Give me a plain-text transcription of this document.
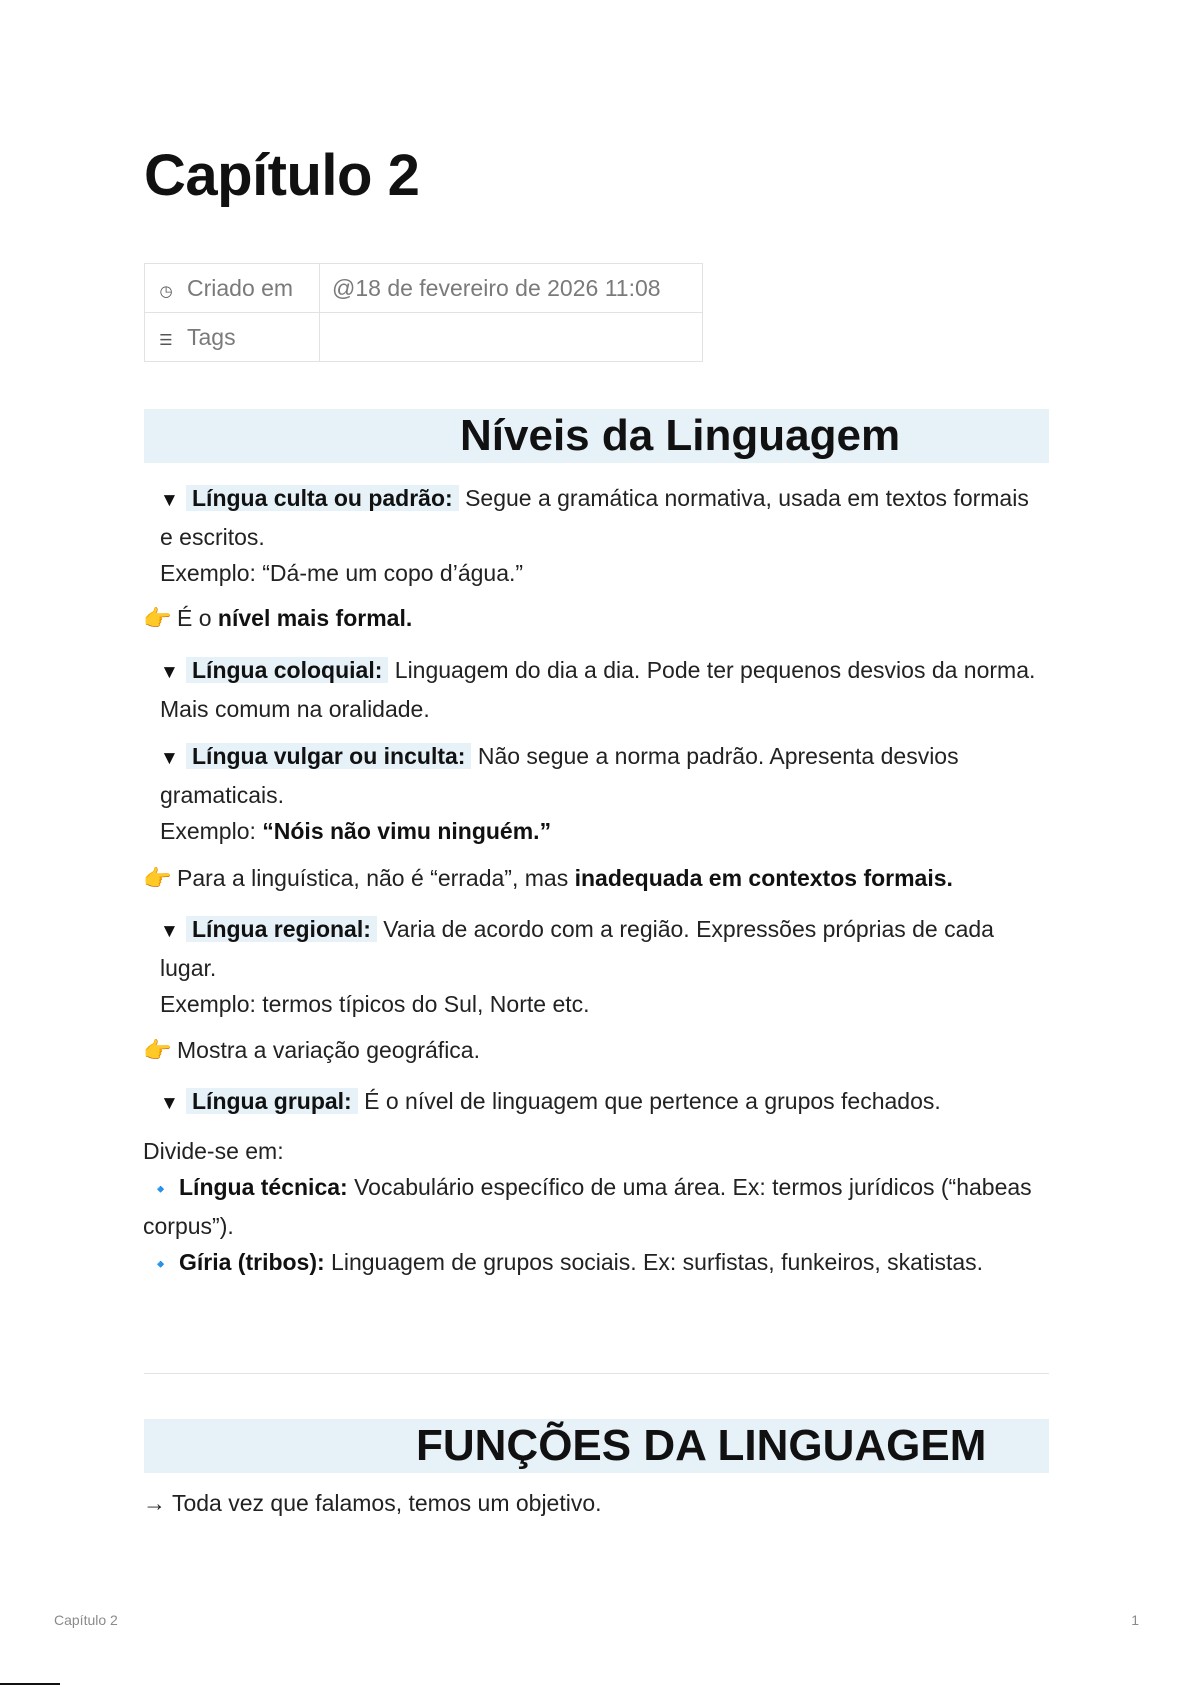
Capítulo 2
◷ Criado em	@18 de fevereiro de 2026 11:08
☰ Tags	
Níveis da Linguagem
▼ Língua culta ou padrão: Segue a gramática normativa, usada em textos formais e escritos.
Exemplo: “Dá-me um copo d’água.”
👉 É o nível mais formal.
▼ Língua coloquial: Linguagem do dia a dia. Pode ter pequenos desvios da norma. Mais comum na oralidade.
▼ Língua vulgar ou inculta: Não segue a norma padrão. Apresenta desvios gramaticais.
Exemplo: “Nóis não vimu ninguém.”
👉 Para a linguística, não é “errada”, mas inadequada em contextos formais.
▼ Língua regional: Varia de acordo com a região. Expressões próprias de cada lugar.
Exemplo: termos típicos do Sul, Norte etc.
👉 Mostra a variação geográfica.
▼ Língua grupal: É o nível de linguagem que pertence a grupos fechados.
Divide-se em:
🔹 Língua técnica: Vocabulário específico de uma área. Ex: termos jurídicos (“habeas corpus”).
🔹 Gíria (tribos): Linguagem de grupos sociais. Ex: surfistas, funkeiros, skatistas.
FUNÇÕES DA LINGUAGEM
→ Toda vez que falamos, temos um objetivo.
Capítulo 2	1
